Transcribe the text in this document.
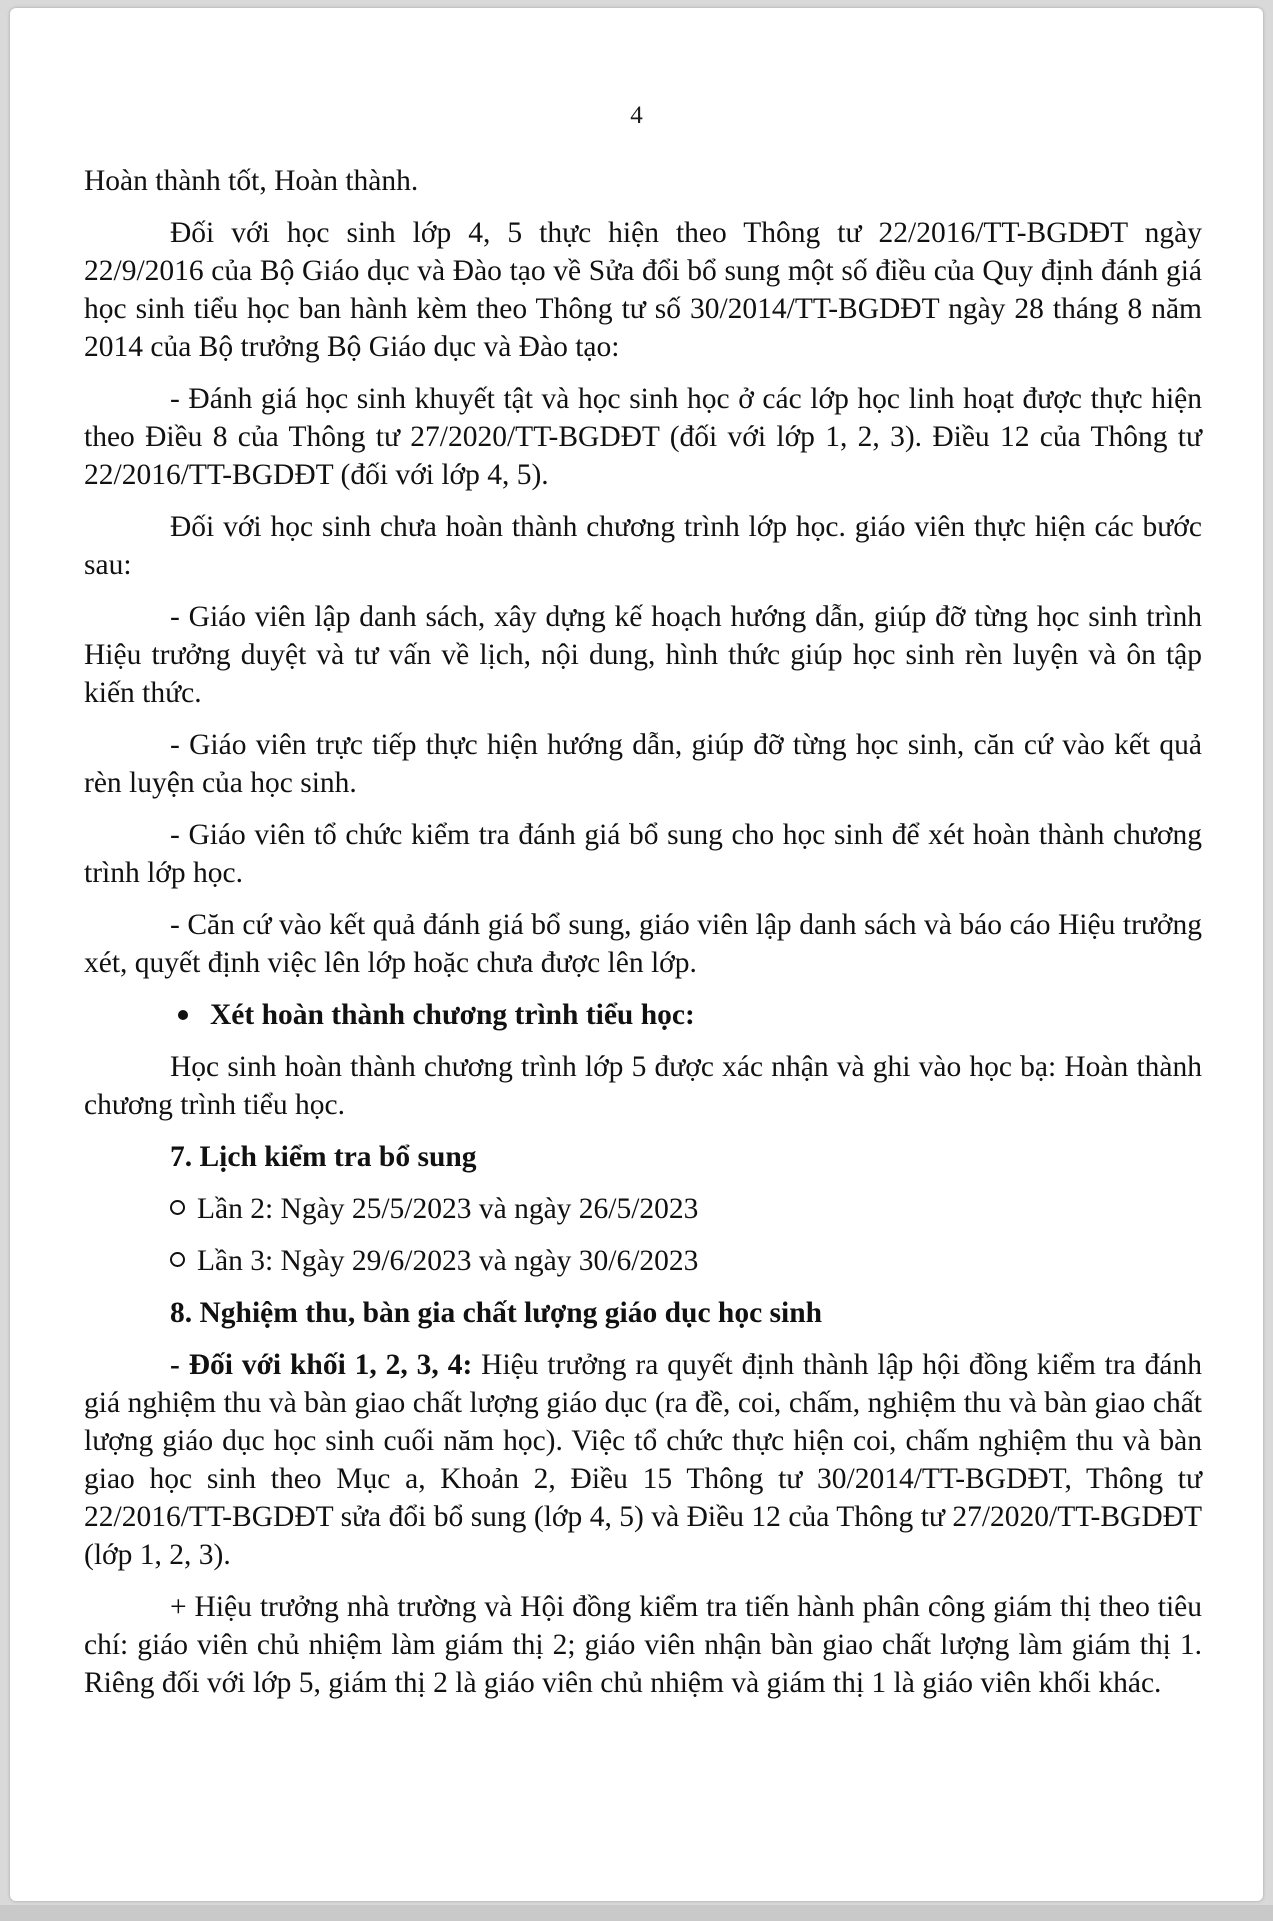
4

Hoàn thành tốt, Hoàn thành.

Đối với học sinh lớp 4, 5 thực hiện theo Thông tư 22/2016/TT-BGDĐT ngày 22/9/2016 của Bộ Giáo dục và Đào tạo về Sửa đổi bổ sung một số điều của Quy định đánh giá học sinh tiểu học ban hành kèm theo Thông tư số 30/2014/TT-BGDĐT ngày 28 tháng 8 năm 2014 của Bộ trưởng Bộ Giáo dục và Đào tạo:

- Đánh giá học sinh khuyết tật và học sinh học ở các lớp học linh hoạt được thực hiện theo Điều 8 của Thông tư 27/2020/TT-BGDĐT (đối với lớp 1, 2, 3). Điều 12 của Thông tư 22/2016/TT-BGDĐT (đối với lớp 4, 5).

Đối với học sinh chưa hoàn thành chương trình lớp học. giáo viên thực hiện các bước sau:

- Giáo viên lập danh sách, xây dựng kế hoạch hướng dẫn, giúp đỡ từng học sinh trình Hiệu trưởng duyệt và tư vấn về lịch, nội dung, hình thức giúp học sinh rèn luyện và ôn tập kiến thức.

- Giáo viên trực tiếp thực hiện hướng dẫn, giúp đỡ từng học sinh, căn cứ vào kết quả rèn luyện của học sinh.

- Giáo viên tổ chức kiểm tra đánh giá bổ sung cho học sinh để xét hoàn thành chương trình lớp học.

- Căn cứ vào kết quả đánh giá bổ sung, giáo viên lập danh sách và báo cáo Hiệu trưởng xét, quyết định việc lên lớp hoặc chưa được lên lớp.

Xét hoàn thành chương trình tiểu học:

Học sinh hoàn thành chương trình lớp 5 được xác nhận và ghi vào học bạ: Hoàn thành chương trình tiểu học.

7. Lịch kiểm tra bổ sung
Lần 2: Ngày 25/5/2023 và ngày 26/5/2023
Lần 3: Ngày 29/6/2023 và ngày 30/6/2023
8. Nghiệm thu, bàn gia chất lượng giáo dục học sinh

- Đối với khối 1, 2, 3, 4: Hiệu trưởng ra quyết định thành lập hội đồng kiểm tra đánh giá nghiệm thu và bàn giao chất lượng giáo dục (ra đề, coi, chấm, nghiệm thu và bàn giao chất lượng giáo dục học sinh cuối năm học). Việc tổ chức thực hiện coi, chấm nghiệm thu và bàn giao học sinh theo Mục a, Khoản 2, Điều 15 Thông tư 30/2014/TT-BGDĐT, Thông tư 22/2016/TT-BGDĐT sửa đổi bổ sung (lớp 4, 5) và Điều 12 của Thông tư 27/2020/TT-BGDĐT (lớp 1, 2, 3).

+ Hiệu trưởng nhà trường và Hội đồng kiểm tra tiến hành phân công giám thị theo tiêu chí: giáo viên chủ nhiệm làm giám thị 2; giáo viên nhận bàn giao chất lượng làm giám thị 1. Riêng đối với lớp 5, giám thị 2 là giáo viên chủ nhiệm và giám thị 1 là giáo viên khối khác.
